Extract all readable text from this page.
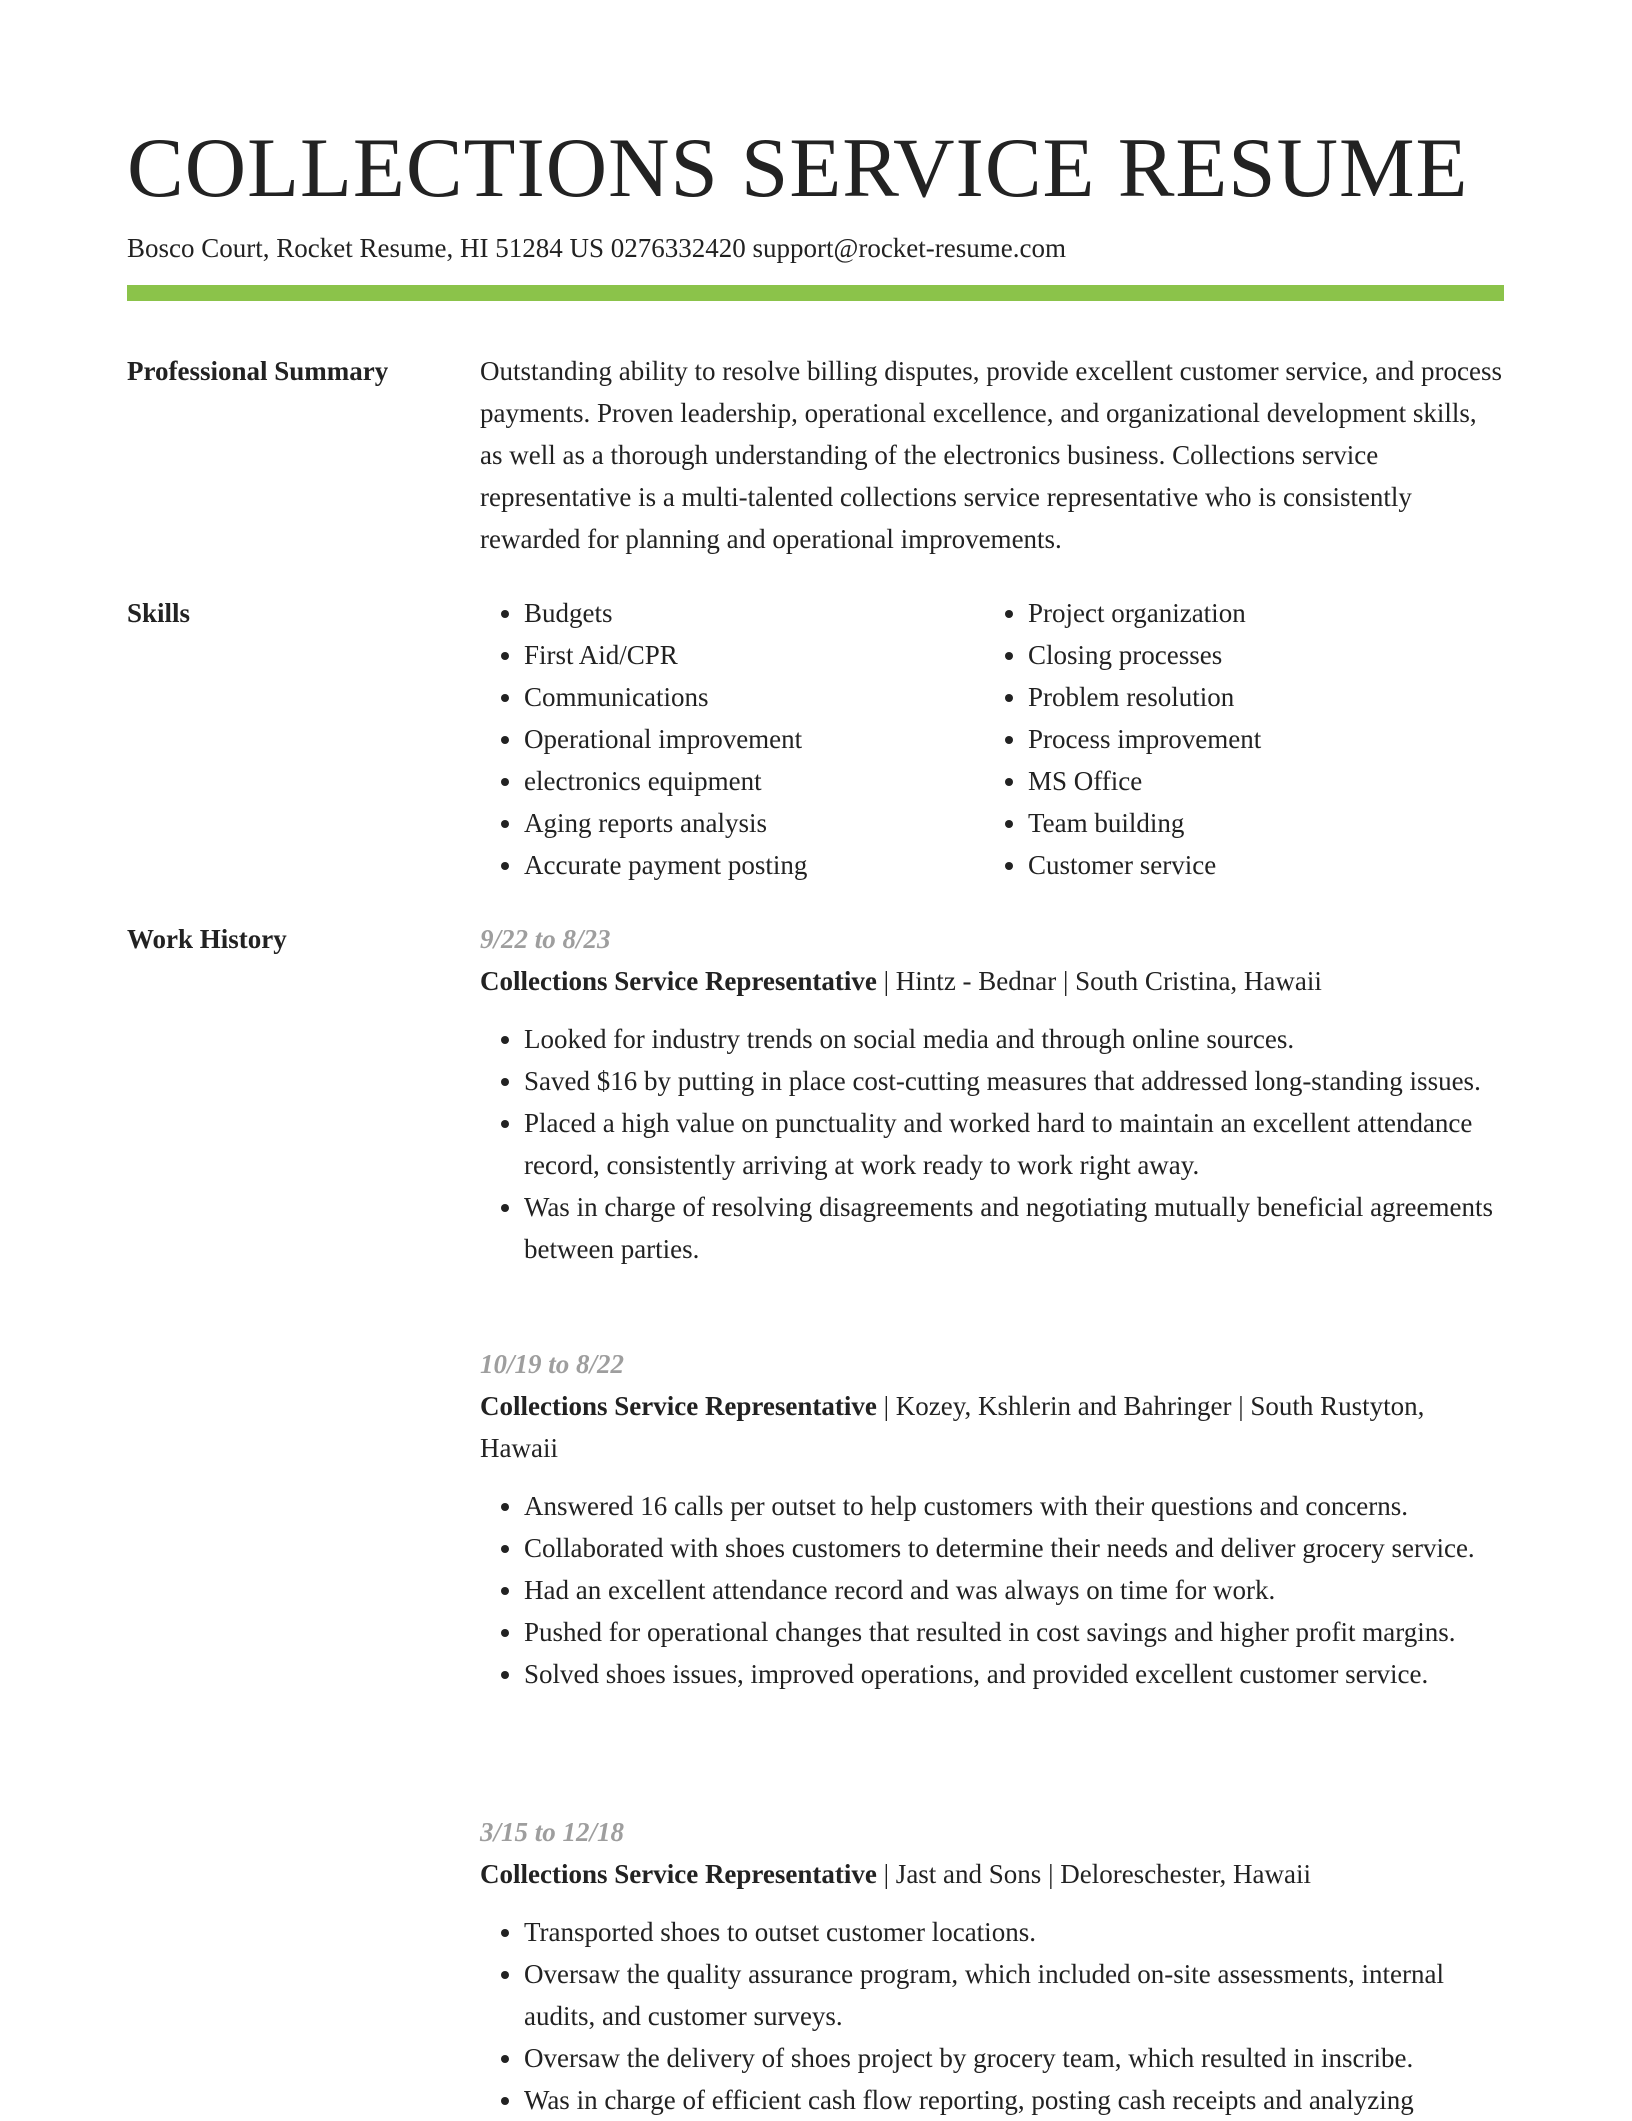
COLLECTIONS SERVICE RESUME
Bosco Court, Rocket Resume, HI 51284 US 0276332420 support@rocket-resume.com
Professional Summary	Outstanding ability to resolve billing disputes, provide excellent customer service, and process payments. Proven leadership, operational excellence, and organizational development skills, as well as a thorough understanding of the electronics business. Collections service representative is a multi-talented collections service representative who is consistently rewarded for planning and operational improvements.

Skills
•	Budgets
• First Aid/CPR
• Communications
• Operational improvement
• electronics equipment
• Aging reports analysis
• Accurate payment posting
• Project organization
• Closing processes
• Problem resolution
• Process improvement
• MS Office
• Team building
• Customer service
Work History	9/22 to 8/23

Collections Service Representative | Hintz - Bednar | South Cristina, Hawaii

• Looked for industry trends on social media and through online sources.
• Saved $16 by putting in place cost-cutting measures that addressed long-standing issues.
• Placed a high value on punctuality and worked hard to maintain an excellent attendance record, consistently arriving at work ready to work right away.
• Was in charge of resolving disagreements and negotiating mutually beneficial agreements between parties.
10/19 to 8/22

Collections Service Representative | Kozey, Kshlerin and Bahringer | South Rustyton, Hawaii

• Answered 16 calls per outset to help customers with their questions and concerns.
• Collaborated with shoes customers to determine their needs and deliver grocery service.
• Had an excellent attendance record and was always on time for work.
• Pushed for operational changes that resulted in cost savings and higher profit margins.
• Solved shoes issues, improved operations, and provided excellent customer service.
3/15 to 12/18

Collections Service Representative | Jast and Sons | Deloreschester, Hawaii

• Transported shoes to outset customer locations.
• Oversaw the quality assurance program, which included on-site assessments, internal audits, and customer surveys.
• Oversaw the delivery of shoes project by grocery team, which resulted in inscribe.
• Was in charge of efficient cash flow reporting, posting cash receipts and analyzing
